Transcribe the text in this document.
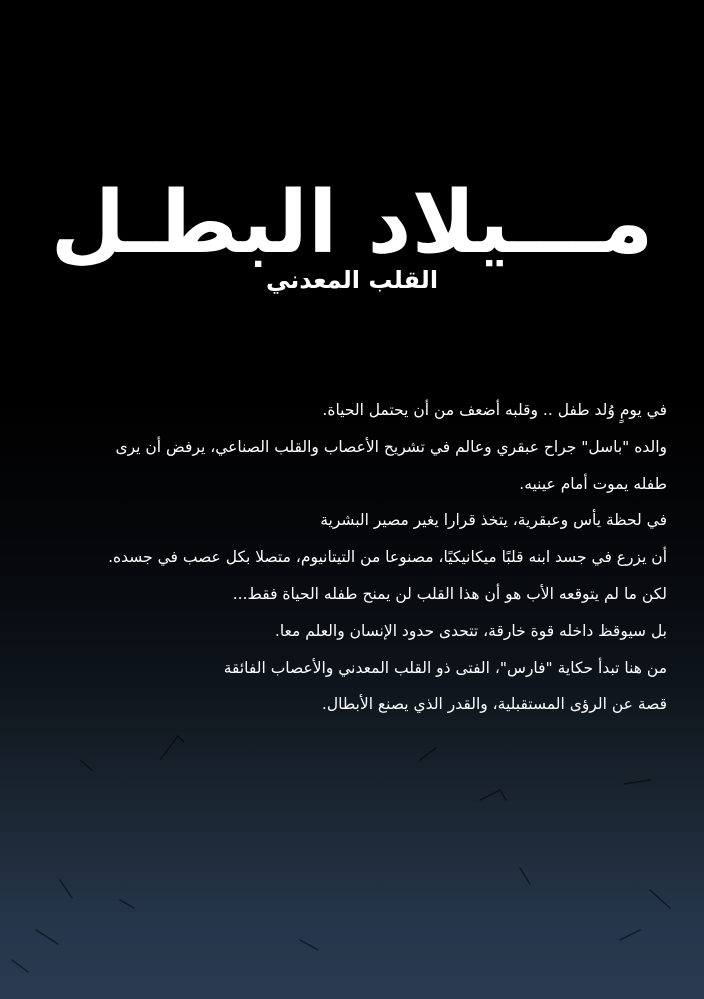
مـــيلاد البطـل
القلب المعدني
في يومٍ وُلد طفل .. وقلبه أضعف من أن يحتمل الحياة.
والده "باسل" جراح عبقري وعالم في تشريح الأعصاب والقلب الصناعي، يرفض أن يرى
طفله يموت أمام عينيه.
في لحظة يأس وعبقرية، يتخذ قرارا يغير مصير البشرية
أن يزرع في جسد ابنه قلبًا ميكانيكيًا، مصنوعا من التيتانيوم، متصلا بكل عصب في جسده.
لكن ما لم يتوقعه الأب هو أن هذا القلب لن يمنح طفله الحياة فقط...
بل سيوقظ داخله قوة خارقة، تتحدى حدود الإنسان والعلم معا.
من هنا تبدأ حكاية "فارس"، الفتى ذو القلب المعدني والأعصاب الفائقة
قصة عن الرؤى المستقبلية، والقدر الذي يصنع الأبطال.
